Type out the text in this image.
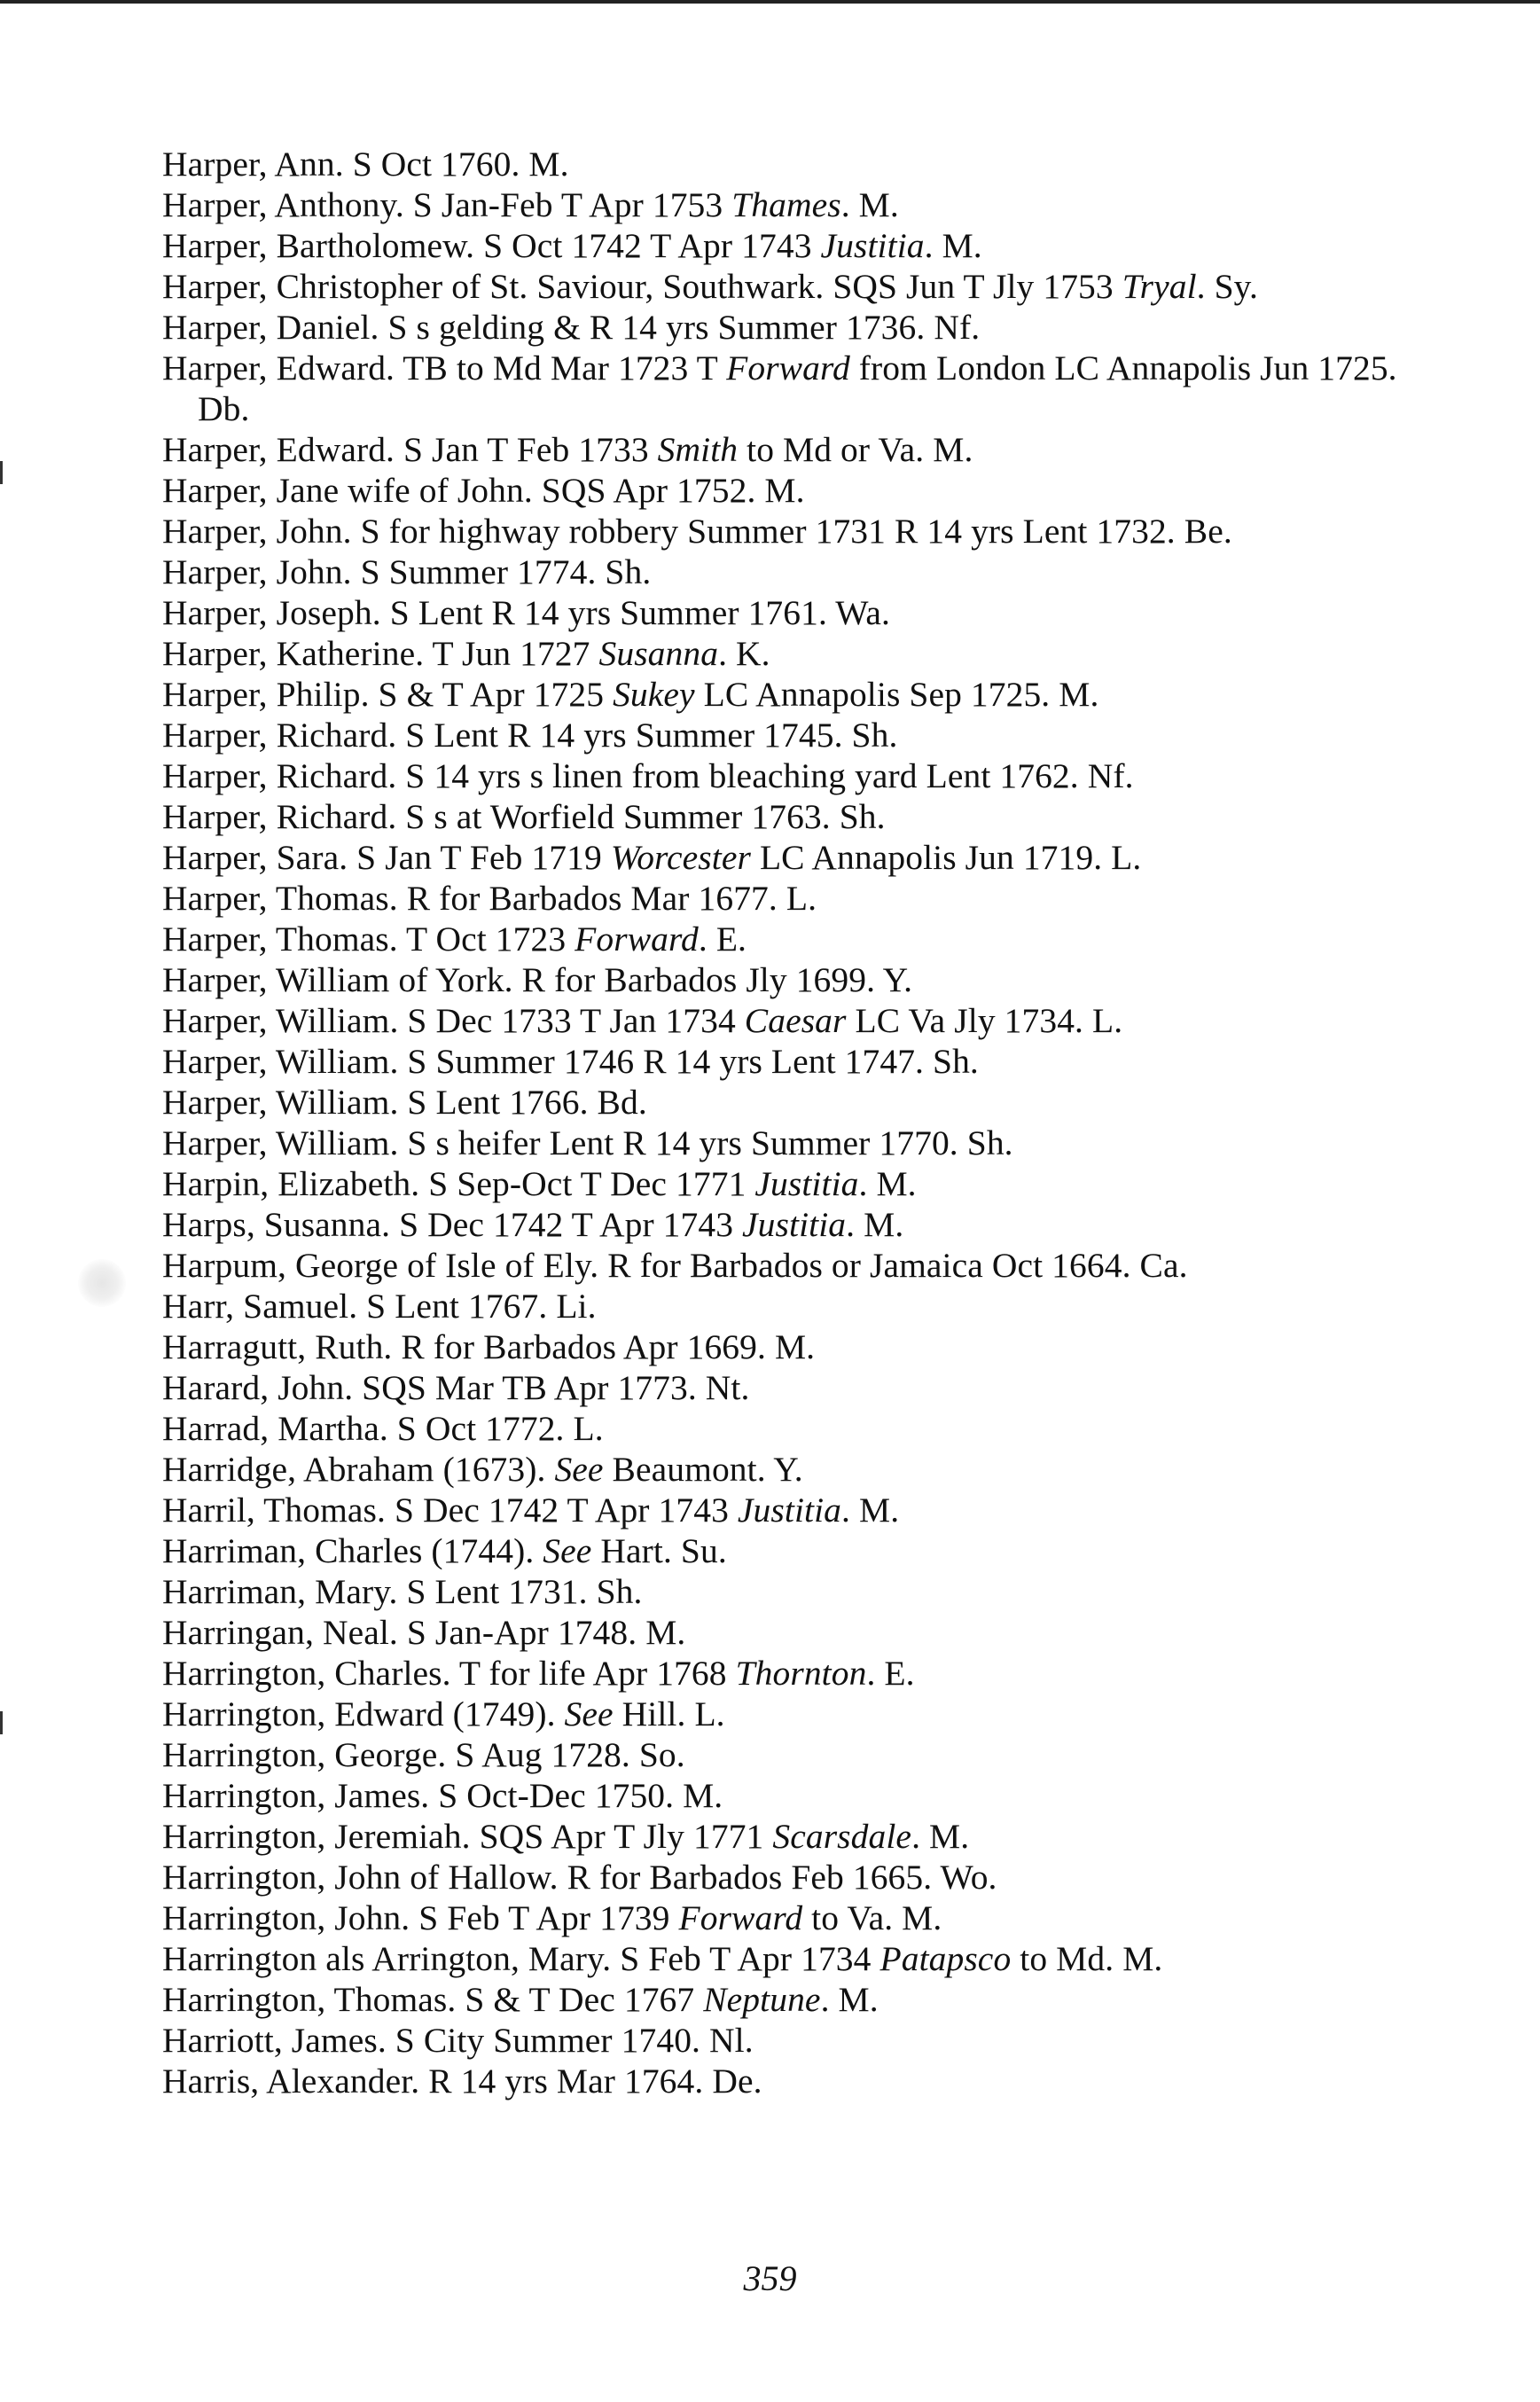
Harper, Ann. S Oct 1760. M.

Harper, Anthony. S Jan-Feb T Apr 1753 Thames. M.

Harper, Bartholomew. S Oct 1742 T Apr 1743 Justitia. M.

Harper, Christopher of St. Saviour, Southwark. SQS Jun T Jly 1753 Tryal. Sy.

Harper, Daniel. S s gelding & R 14 yrs Summer 1736. Nf.

Harper, Edward. TB to Md Mar 1723 T Forward from London LC Annapolis Jun 1725. Db.

Harper, Edward. S Jan T Feb 1733 Smith to Md or Va. M.

Harper, Jane wife of John. SQS Apr 1752. M.

Harper, John. S for highway robbery Summer 1731 R 14 yrs Lent 1732. Be.

Harper, John. S Summer 1774. Sh.

Harper, Joseph. S Lent R 14 yrs Summer 1761. Wa.

Harper, Katherine. T Jun 1727 Susanna. K.

Harper, Philip. S & T Apr 1725 Sukey LC Annapolis Sep 1725. M.

Harper, Richard. S Lent R 14 yrs Summer 1745. Sh.

Harper, Richard. S 14 yrs s linen from bleaching yard Lent 1762. Nf.

Harper, Richard. S s at Worfield Summer 1763. Sh.

Harper, Sara. S Jan T Feb 1719 Worcester LC Annapolis Jun 1719. L.

Harper, Thomas. R for Barbados Mar 1677. L.

Harper, Thomas. T Oct 1723 Forward. E.

Harper, William of York. R for Barbados Jly 1699. Y.

Harper, William. S Dec 1733 T Jan 1734 Caesar LC Va Jly 1734. L.

Harper, William. S Summer 1746 R 14 yrs Lent 1747. Sh.

Harper, William. S Lent 1766. Bd.

Harper, William. S s heifer Lent R 14 yrs Summer 1770. Sh.

Harpin, Elizabeth. S Sep-Oct T Dec 1771 Justitia. M.

Harps, Susanna. S Dec 1742 T Apr 1743 Justitia. M.

Harpum, George of Isle of Ely. R for Barbados or Jamaica Oct 1664. Ca.

Harr, Samuel. S Lent 1767. Li.

Harragutt, Ruth. R for Barbados Apr 1669. M.

Harard, John. SQS Mar TB Apr 1773. Nt.

Harrad, Martha. S Oct 1772. L.

Harridge, Abraham (1673). See Beaumont. Y.

Harril, Thomas. S Dec 1742 T Apr 1743 Justitia. M.

Harriman, Charles (1744). See Hart. Su.

Harriman, Mary. S Lent 1731. Sh.

Harringan, Neal. S Jan-Apr 1748. M.

Harrington, Charles. T for life Apr 1768 Thornton. E.

Harrington, Edward (1749). See Hill. L.

Harrington, George. S Aug 1728. So.

Harrington, James. S Oct-Dec 1750. M.

Harrington, Jeremiah. SQS Apr T Jly 1771 Scarsdale. M.

Harrington, John of Hallow. R for Barbados Feb 1665. Wo.

Harrington, John. S Feb T Apr 1739 Forward to Va. M.

Harrington als Arrington, Mary. S Feb T Apr 1734 Patapsco to Md. M.

Harrington, Thomas. S & T Dec 1767 Neptune. M.

Harriott, James. S City Summer 1740. Nl.

Harris, Alexander. R 14 yrs Mar 1764. De.

359
